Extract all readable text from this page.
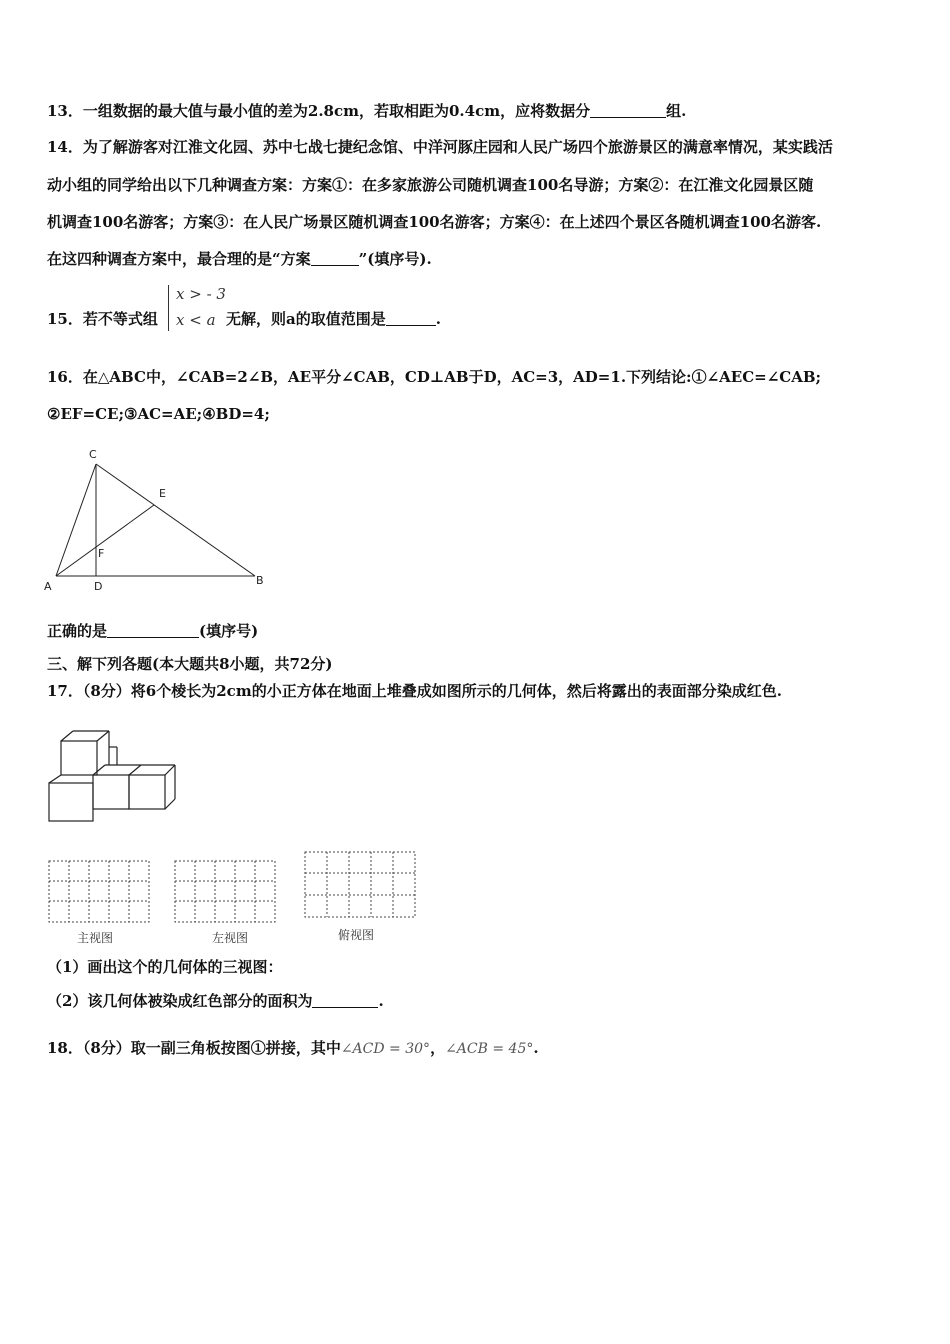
13．一组数据的最大值与最小值的差为2.8cm，若取相距为0.4cm，应将数据分	组.
14．为了解游客对江淮文化园、苏中七战七捷纪念馆、中洋河豚庄园和人民广场四个旅游景区的满意率情况，某实践活
动小组的同学给出以下几种调查方案：方案①：在多家旅游公司随机调查100名导游；方案②：在江淮文化园景区随
机调查100名游客；方案③：在人民广场景区随机调查100名游客；方案④：在上述四个景区各随机调查100名游客.
在这四种调查方案中，最合理的是“方案	”(填序号).
15．若不等式组
x > - 3
x < a 无解，则a的取值范围是	.
16．在△ABC中，∠CAB=2∠B，AE平分∠CAB，CD⊥AB于D，AC=3，AD=1.下列结论:①∠AEC=∠CAB;
②EF=CE;③AC=AE;④BD=4;
C
E
F
A	D	B
正确的是	(填序号)
三、解下列各题(本大题共8小题，共72分)
17．（8分）将6个棱长为2cm的小正方体在地面上堆叠成如图所示的几何体，然后将露出的表面部分染成红色.
主视图	左视图	俯视图
（1）画出这个的几何体的三视图：
（2）该几何体被染成红色部分的面积为	.
18．（8分）取一副三角板按图①拼接，其中∠ACD = 30°，∠ACB = 45°.
